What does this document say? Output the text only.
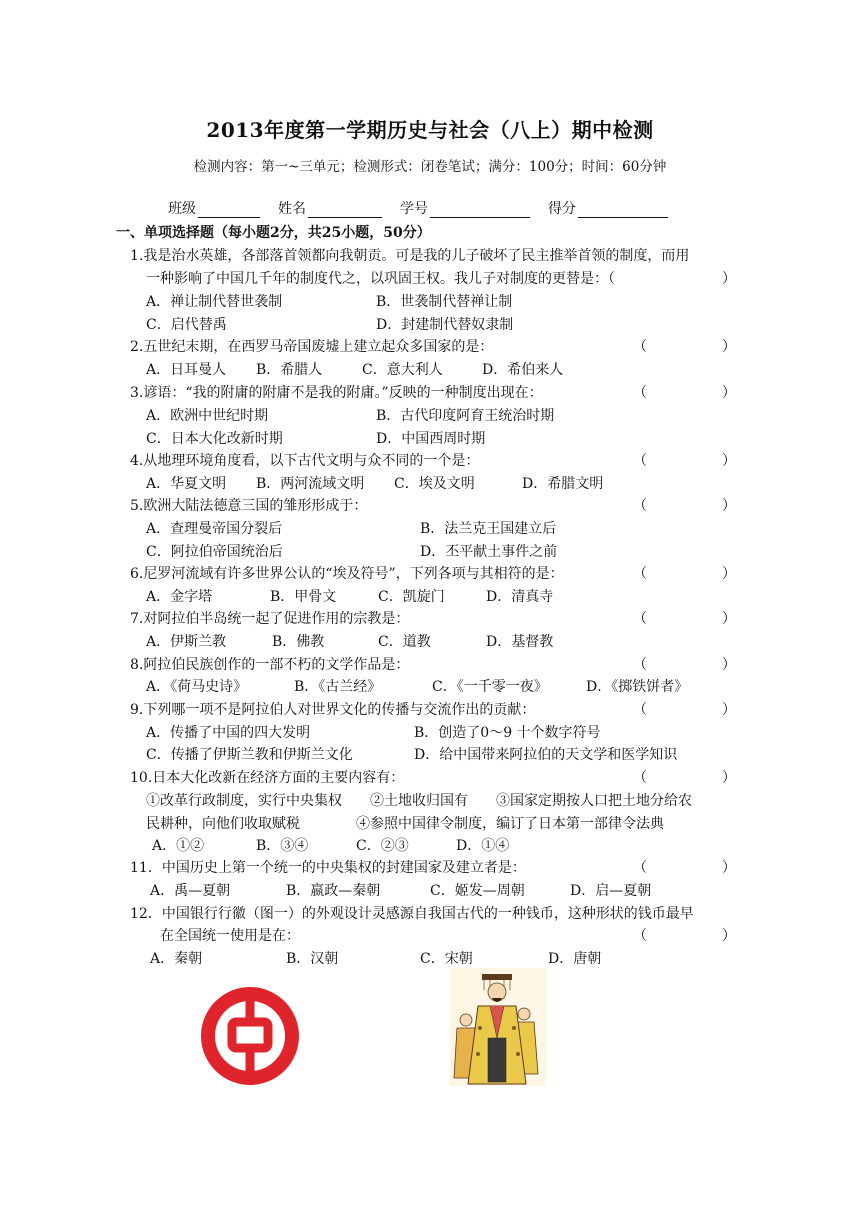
2013年度第一学期历史与社会（八上）期中检测
检测内容：第一~三单元；检测形式：闭卷笔试；满分：100分；时间：60分钟
班级	姓名	学号	得分
一、单项选择题（每小题2分，共25小题，50分）
1.我是治水英雄，各部落首领都向我朝贡。可是我的儿子破坏了民主推举首领的制度，而用
一种影响了中国几千年的制度代之，以巩固王权。我儿子对制度的更替是：（	）
A．禅让制代替世袭制	B．世袭制代替禅让制
C．启代替禹	D．封建制代替奴隶制
2.五世纪末期，在西罗马帝国废墟上建立起众多国家的是：	（	）
A．日耳曼人 B．希腊人	C．意大利人	D．希伯来人
3.谚语：“我的附庸的附庸不是我的附庸。”反映的一种制度出现在：	（	）
A．欧洲中世纪时期	B．古代印度阿育王统治时期
C．日本大化改新时期	D．中国西周时期
4.从地理环境角度看，以下古代文明与众不同的一个是：	（	）
A．华夏文明 B．两河流域文明 C．埃及文明	D．希腊文明
5.欧洲大陆法德意三国的雏形形成于：	（	）
A．查理曼帝国分裂后	B．法兰克王国建立后
C．阿拉伯帝国统治后	D．丕平献土事件之前
6.尼罗河流域有许多世界公认的“埃及符号”，下列各项与其相符的是：	（	）
A．金字塔	B．甲骨文	C．凯旋门	D．清真寺
7.对阿拉伯半岛统一起了促进作用的宗教是：	（	）
A．伊斯兰教	B．佛教	C．道教	D．基督教
8.阿拉伯民族创作的一部不朽的文学作品是：	（	）
A．《荷马史诗》	B．《古兰经》	C．《一千零一夜》	D．《掷铁饼者》
9.下列哪一项不是阿拉伯人对世界文化的传播与交流作出的贡献：	（	）
A．传播了中国的四大发明	B．创造了0～9 十个数字符号
C．传播了伊斯兰教和伊斯兰文化	D．给中国带来阿拉伯的天文学和医学知识
10.日本大化改新在经济方面的主要内容有：	（	）
①改革行政制度，实行中央集权　　②土地收归国有　　③国家定期按人口把土地分给农
民耕种，向他们收取赋税　　　　④参照中国律令制度，编订了日本第一部律令法典
A．①②	B．③④	C．②③	D．①④
11．中国历史上第一个统一的中央集权的封建国家及建立者是：	（	）
A．禹—夏朝	B．嬴政—秦朝	C．姬发—周朝	D．启—夏朝
12．中国银行行徽（图一）的外观设计灵感源自我国古代的一种钱币，这种形状的钱币最早
在全国统一使用是在：	（	）
A．秦朝	B．汉朝	C．宋朝	D．唐朝
